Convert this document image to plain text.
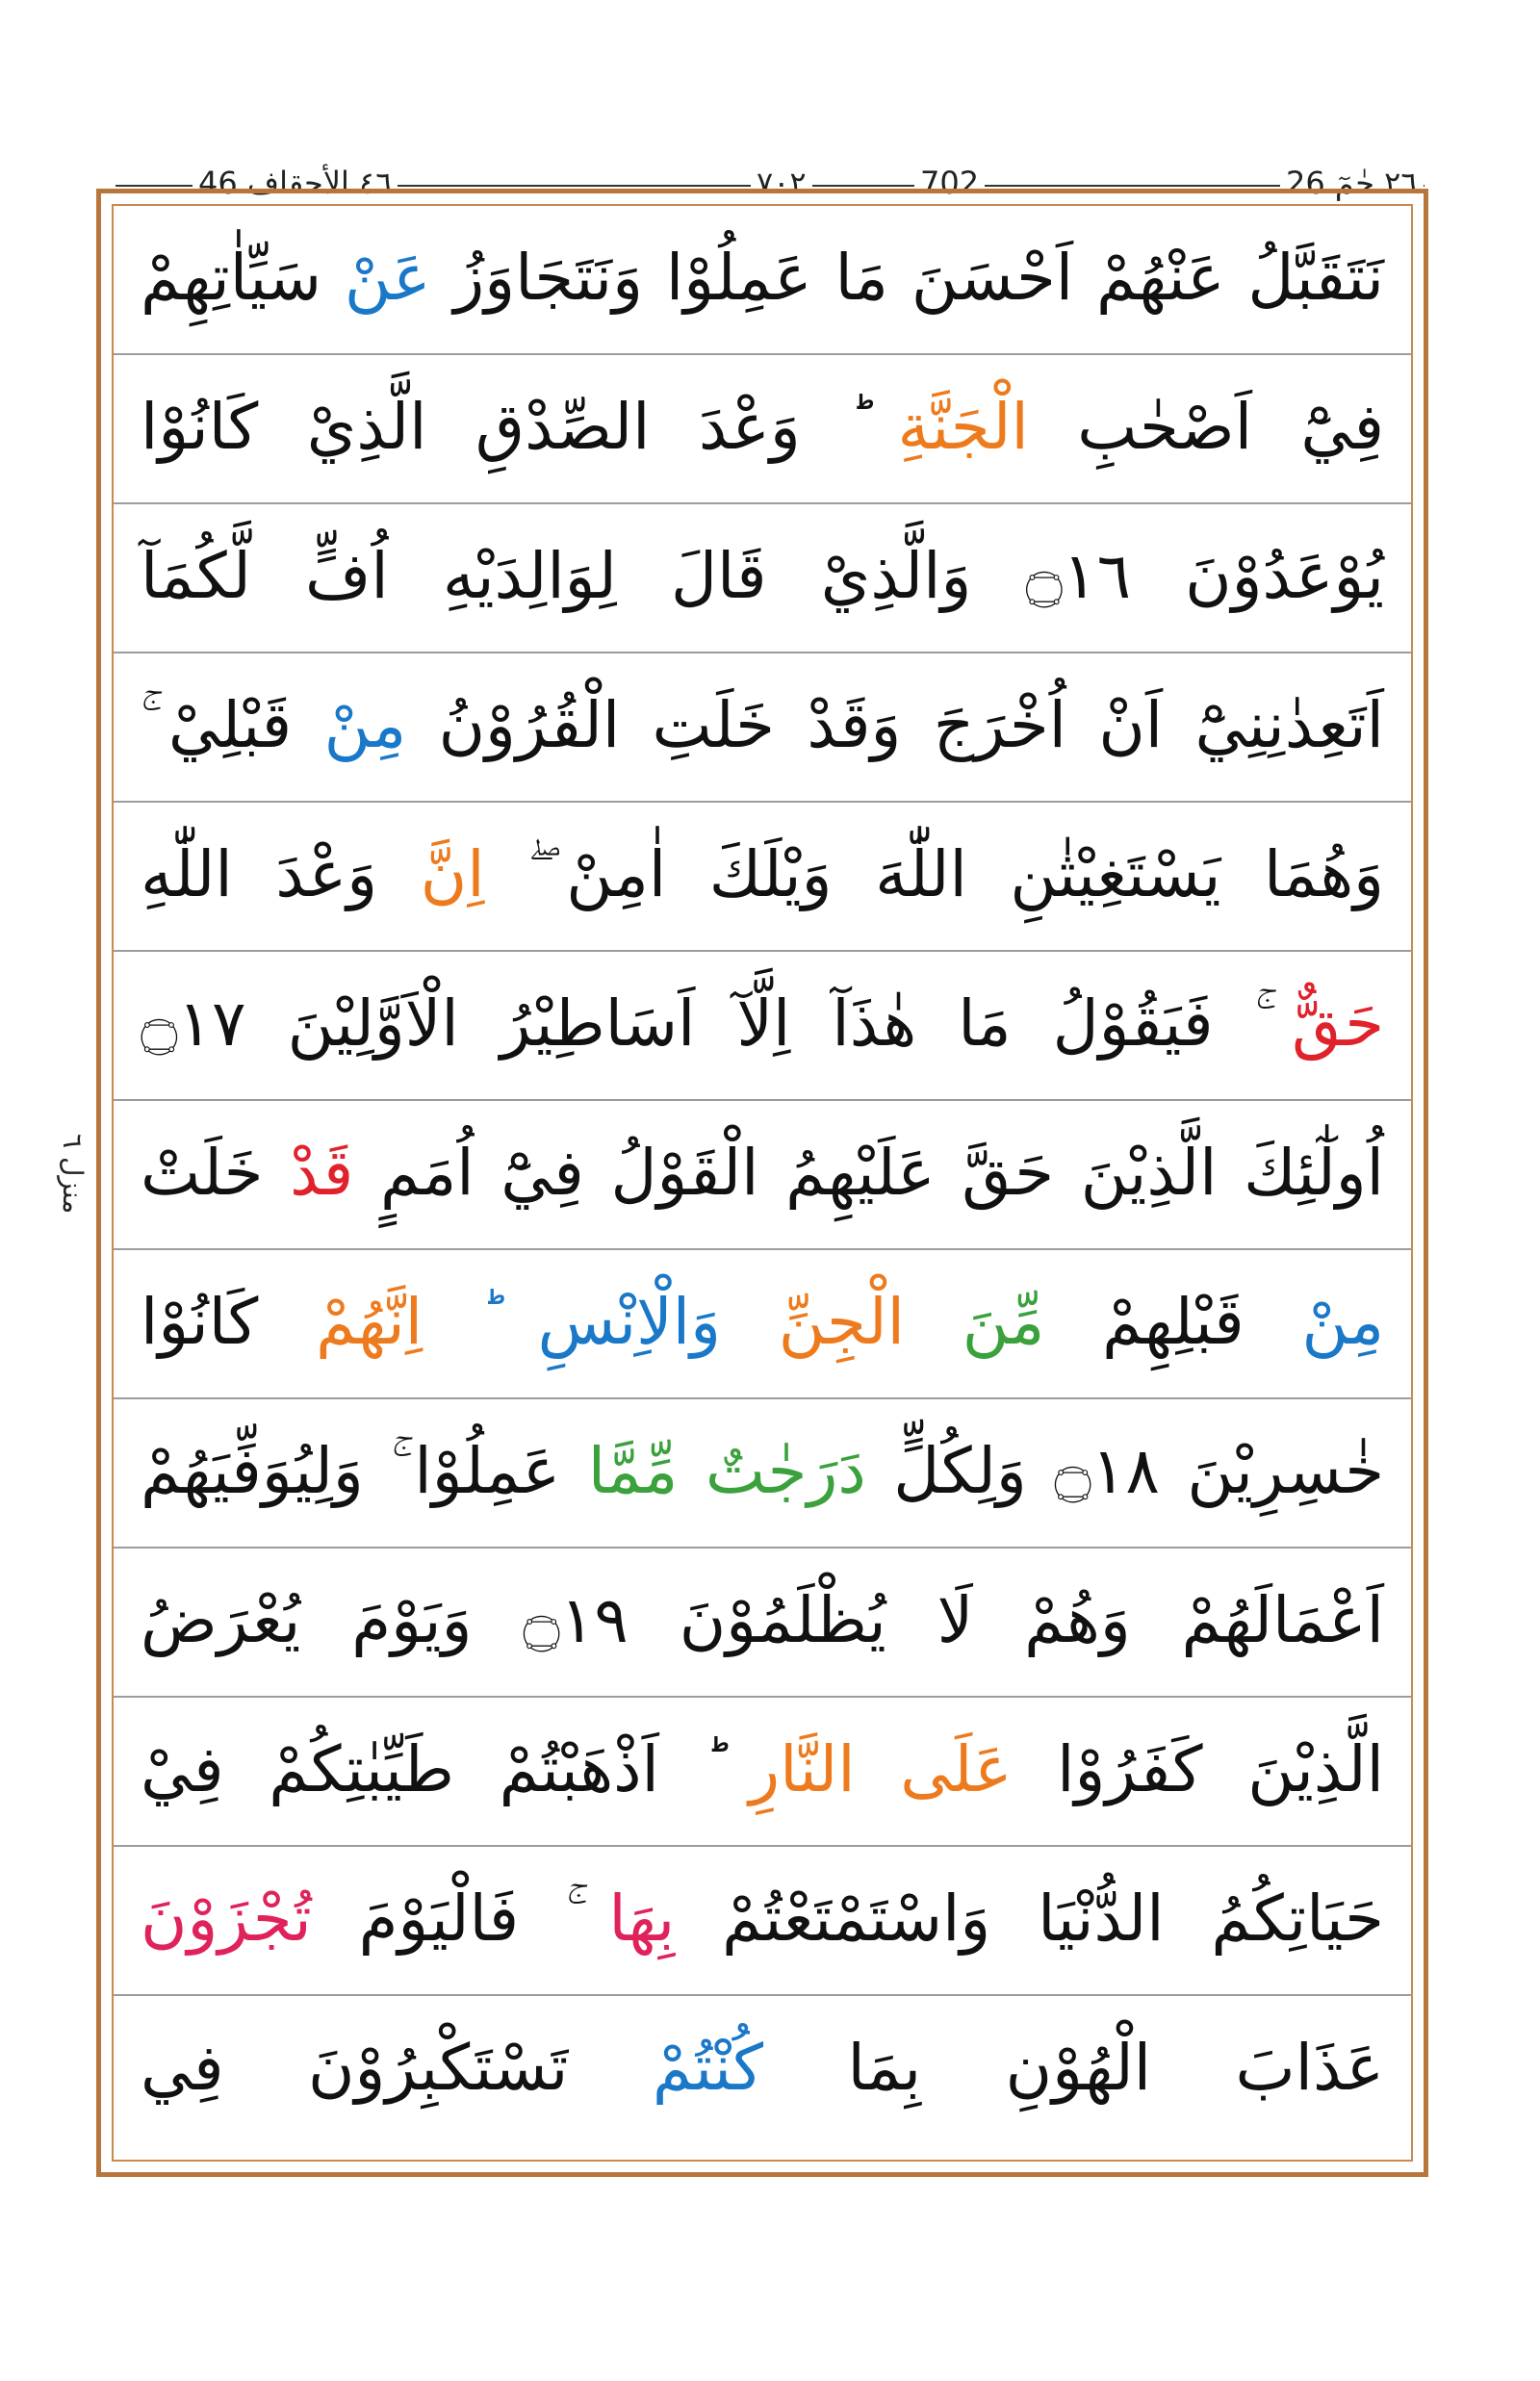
٤٦ الأحقاف 46	٧٠٢	702	٢٦ حٰمٓ 26
منزل ٦
نَتَقَبَّلُ عَنْهُمْ اَحْسَنَ مَا عَمِلُوْا وَنَتَجَاوَزُ عَنْ سَيِّاٰتِهِمْ
فِيْٓ اَصْحٰبِ الْجَنَّةِ ؕ وَعْدَ الصِّدْقِ الَّذِيْ كَانُوْا
يُوْعَدُوْنَ ۝١٦ وَالَّذِيْ قَالَ لِوَالِدَيْهِ اُفٍّ لَّكُمَآ
اَتَعِدٰنِنِيْٓ اَنْ اُخْرَجَ وَقَدْ خَلَتِ الْقُرُوْنُ مِنْ قَبْلِيْ ۚ
وَهُمَا يَسْتَغِيْثٰنِ اللّٰهَ وَيْلَكَ اٰمِنْ ۖ اِنَّ وَعْدَ اللّٰهِ
حَقٌّ ۚ فَيَقُوْلُ مَا هٰذَآ اِلَّآ اَسَاطِيْرُ الْاَوَّلِيْنَ ۝١٧
اُولٰٓئِكَ الَّذِيْنَ حَقَّ عَلَيْهِمُ الْقَوْلُ فِيْٓ اُمَمٍ قَدْ خَلَتْ
مِنْ قَبْلِهِمْ مِّنَ الْجِنِّ وَالْاِنْسِ ؕ اِنَّهُمْ كَانُوْا
خٰسِرِيْنَ ۝١٨ وَلِكُلٍّ دَرَجٰتٌ مِّمَّا عَمِلُوْا ۚ وَلِيُوَفِّيَهُمْ
اَعْمَالَهُمْ وَهُمْ لَا يُظْلَمُوْنَ ۝١٩ وَيَوْمَ يُعْرَضُ
الَّذِيْنَ كَفَرُوْا عَلَى النَّارِ ؕ اَذْهَبْتُمْ طَيِّبٰتِكُمْ فِيْ
حَيَاتِكُمُ الدُّنْيَا وَاسْتَمْتَعْتُمْ بِهَا ۚ فَالْيَوْمَ تُجْزَوْنَ
عَذَابَ الْهُوْنِ بِمَا كُنْتُمْ تَسْتَكْبِرُوْنَ فِي
